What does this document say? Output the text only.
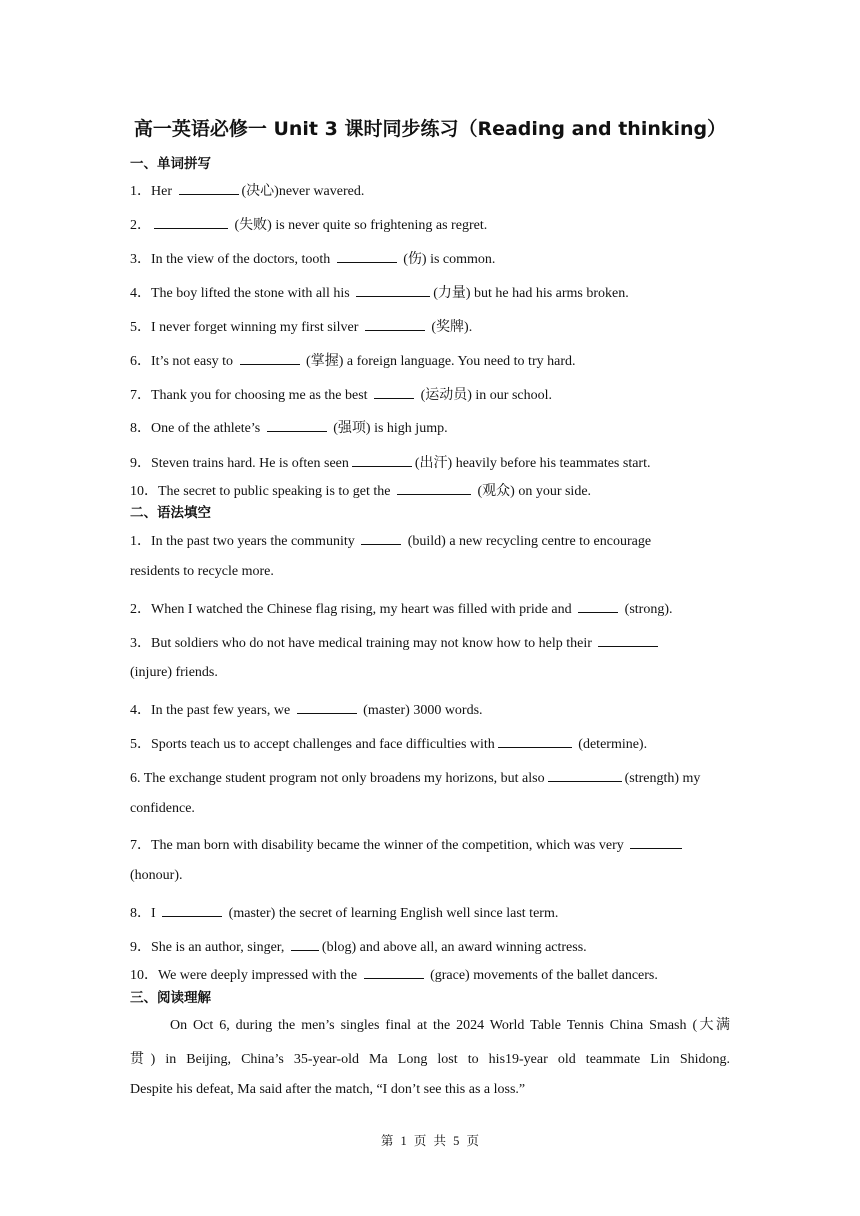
高一英语必修一 Unit 3 课时同步练习（Reading and thinking）
一、单词拼写
1．Her	(决心)never wavered.
2．	(失败) is never quite so frightening as regret.
3．In the view of the doctors, tooth	(伤) is common.
4．The boy lifted the stone with all his	(力量) but he had his arms broken.
5．I never forget winning my first silver	(奖牌).
6．It’s not easy to	(掌握) a foreign language. You need to try hard.
7．Thank you for choosing me as the best	(运动员) in our school.
8．One of the athlete’s	(强项) is high jump.
9．Steven trains hard. He is often seen	(出汗) heavily before his teammates start.
10．The secret to public speaking is to get the	(观众) on your side.
二、语法填空
1．In the past two years the community	(build) a new recycling centre to encourage
residents to recycle more.
2．When I watched the Chinese flag rising, my heart was filled with pride and	(strong).
3．But soldiers who do not have medical training may not know how to help their
(injure) friends.
4．In the past few years, we	(master) 3000 words.
5．Sports teach us to accept challenges and face difficulties with	(determine).
6. The exchange student program not only broadens my horizons, but also	(strength) my
confidence.
7．The man born with disability became the winner of the competition, which was very
(honour).
8．I	(master) the secret of learning English well since last term.
9．She is an author, singer, (blog) and above all, an award winning actress.
10．We were deeply impressed with the	(grace) movements of the ballet dancers.
三、阅读理解
On Oct 6, during the men’s singles final at the 2024 World Table Tennis China Smash (大满
贯) in Beijing, China’s 35-year-old Ma Long lost to his19-year old teammate Lin Shidong.
Despite his defeat, Ma said after the match, “I don’t see this as a loss.”
第 1 页 共 5 页
